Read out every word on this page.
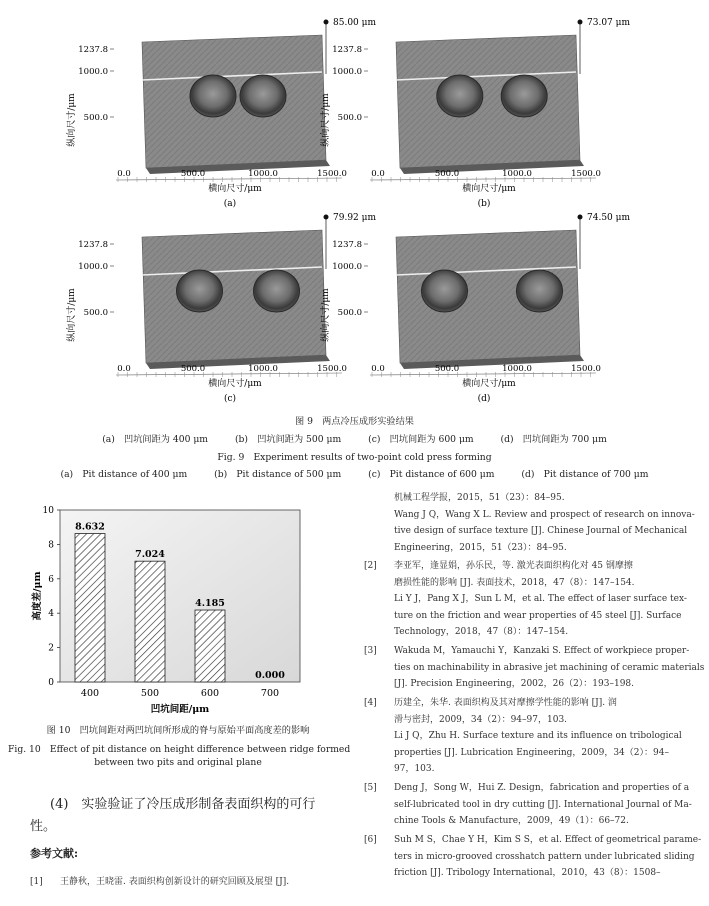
85.00 μm
1237.8
1000.0
500.0
纵向尺寸/μm
0.0	500.0	1000.0	1500.0
横向尺寸/μm
(a)
73.07 μm
1237.8
1000.0
500.0
纵向尺寸/μm
0.0	500.0	1000.0	1500.0
横向尺寸/μm
(b)
79.92 μm
1237.8
1000.0
500.0
纵向尺寸/μm
0.0	500.0	1000.0	1500.0
横向尺寸/μm
(c)
74.50 μm
1237.8
1000.0
500.0
纵向尺寸/μm
0.0	500.0	1000.0	1500.0
横向尺寸/μm
(d)
图 9　两点冷压成形实验结果
(a)　凹坑间距为 400 μm	(b)　凹坑间距为 500 μm	(c)　凹坑间距为 600 μm	(d)　凹坑间距为 700 μm
Fig. 9　Experiment results of two-point cold press forming
(a)　Pit distance of 400 μm	(b)　Pit distance of 500 μm	(c)　Pit distance of 600 μm	(d)　Pit distance of 700 μm
0
2
4
6
8
10
8.632
400
7.024
500
4.185
600
0.000
700
凹坑间距/μm
高度差/μm
图 10　凹坑间距对两凹坑间所形成的脊与原始平面高度差的影响
Fig. 10　Effect of pit distance on height difference between ridge formed
between two pits and original plane
(4)　实验验证了冷压成形制备表面织构的可行
性。
参考文献:
[1] 王静秋，王晓雷. 表面织构创新设计的研究回顾及展望 [J].
机械工程学报，2015，51（23）：84–95.
Wang J Q，Wang X L. Review and prospect of research on innova-
tive design of surface texture [J]. Chinese Journal of Mechanical
Engineering，2015，51（23）：84–95.
[2] 李亚军，逢显娟，孙乐民，等. 激光表面织构化对 45 钢摩擦
磨损性能的影响 [J]. 表面技术，2018，47（8）：147–154.
Li Y J，Pang X J，Sun L M，et al. The effect of laser surface tex-
ture on the friction and wear properties of 45 steel [J]. Surface
Technology，2018，47（8）：147–154.
[3] Wakuda M，Yamauchi Y，Kanzaki S. Effect of workpiece proper-
ties on machinability in abrasive jet machining of ceramic materials
[J]. Precision Engineering，2002，26（2）：193–198.
[4] 历建全，朱华. 表面织构及其对摩擦学性能的影响 [J]. 润
滑与密封，2009，34（2）：94–97，103.
Li J Q，Zhu H. Surface texture and its influence on tribological
properties [J]. Lubrication Engineering，2009，34（2）：94–
97，103.
[5] Deng J，Song W，Hui Z. Design，fabrication and properties of a
self-lubricated tool in dry cutting [J]. International Journal of Ma-
chine Tools & Manufacture，2009，49（1）：66–72.
[6] Suh M S，Chae Y H，Kim S S，et al. Effect of geometrical parame-
ters in micro-grooved crosshatch pattern under lubricated sliding
friction [J]. Tribology International，2010，43（8）：1508–
